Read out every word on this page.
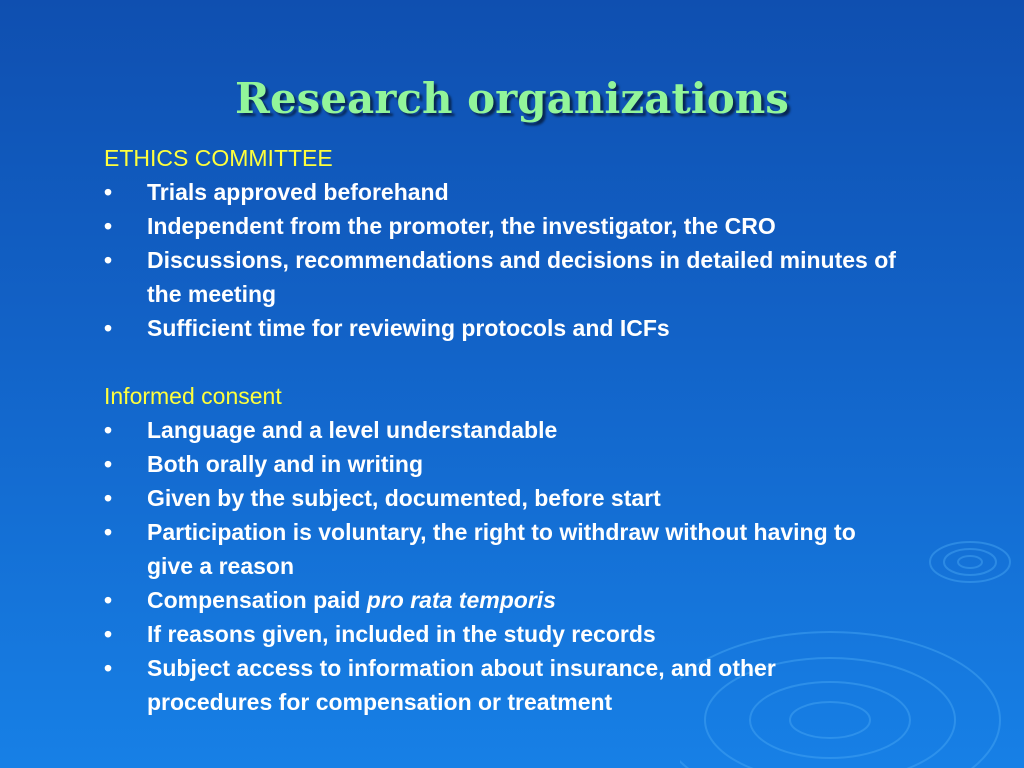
Research organizations
ETHICS COMMITTEE
• Trials approved beforehand
• Independent from the promoter, the investigator, the CRO
• Discussions, recommendations and decisions in detailed minutes of the meeting
• Sufficient time for reviewing protocols and ICFs
Informed consent
• Language and a level understandable
• Both orally and in writing
• Given by the subject, documented, before start
• Participation is voluntary, the right to withdraw without having to give a reason
• Compensation paid pro rata temporis
• If reasons given, included in the study records
• Subject access to information about insurance, and other procedures for compensation or treatment
